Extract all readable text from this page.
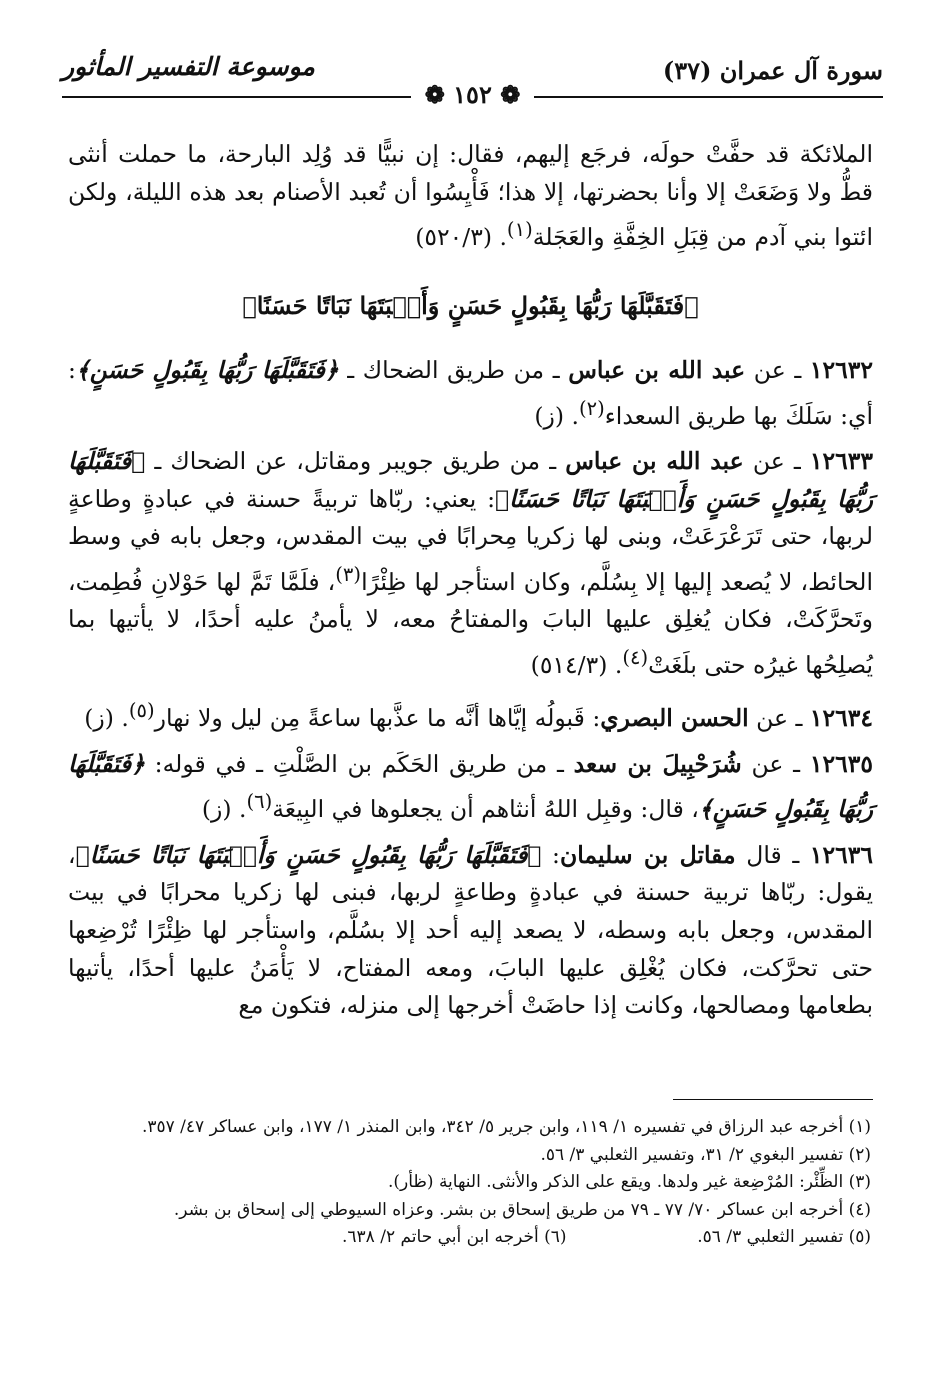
سورة آل عمران (٣٧)
موسوعة التفسير المأثور
❁ ١٥٢ ❁

الملائكة قد حفَّتْ حولَه، فرجَع إليهم، فقال: إن نبيًّا قد وُلِد البارحة، ما حملت أنثى قطُّ ولا وَضَعَتْ إلا وأنا بحضرتها، إلا هذا؛ فَأْيِسُوا أن تُعبد الأصنام بعد هذه الليلة، ولكن ائتوا بني آدم من قِبَلِ الخِفَّةِ والعَجَلة$^{(١)}$. (٥٢٠/٣)

﴿فَتَقَبَّلَهَا رَبُّهَا بِقَبُولٍ حَسَنٍ وَأَنۢبَتَهَا نَبَاتًا حَسَنًا﴾

١٢٦٣٢ ـ عن عبد الله بن عباس ـ من طريق الضحاك ـ ﴿فَتَقَبَّلَهَا رَبُّهَا بِقَبُولٍ حَسَنٍ﴾: أي: سَلَكَ بها طريق السعداء$^{(٢)}$. (ز)

١٢٦٣٣ ـ عن عبد الله بن عباس ـ من طريق جويبر ومقاتل، عن الضحاك ـ ﴿فَتَقَبَّلَهَا رَبُّهَا بِقَبُولٍ حَسَنٍ وَأَنۢبَتَهَا نَبَاتًا حَسَنًا﴾: يعني: ربّاها تربيةً حسنة في عبادةٍ وطاعةٍ لربها، حتى تَرَعْرَعَتْ، وبنى لها زكريا مِحرابًا في بيت المقدس، وجعل بابه في وسط الحائط، لا يُصعد إليها إلا بِسُلَّم، وكان استأجر لها ظِئْرًا$^{(٣)}$، فلَمَّا تَمَّ لها حَوْلانِ فُطِمت، وتَحرَّكَتْ، فكان يُغلِق عليها البابَ والمفتاحُ معه، لا يأمنُ عليه أحدًا، لا يأتيها بما يُصلِحُها غيرُه حتى بلَغَتْ$^{(٤)}$. (٥١٤/٣)

١٢٦٣٤ ـ عن الحسن البصري: قَبولُه إيَّاها أنَّه ما عذَّبها ساعةً مِن ليل ولا نهار$^{(٥)}$. (ز)

١٢٦٣٥ ـ عن شُرَحْبِيلَ بن سعد ـ من طريق الحَكَم بن الصَّلْتِ ـ في قوله: ﴿فَتَقَبَّلَهَا رَبُّهَا بِقَبُولٍ حَسَنٍ﴾، قال: وقبِل اللهُ أنثاهم أن يجعلوها في البِيعَة$^{(٦)}$. (ز)

١٢٦٣٦ ـ قال مقاتل بن سليمان: ﴿فَتَقَبَّلَهَا رَبُّهَا بِقَبُولٍ حَسَنٍ وَأَنۢبَتَهَا نَبَاتًا حَسَنًا﴾، يقول: ربّاها تربية حسنة في عبادةٍ وطاعةٍ لربها، فبنى لها زكريا محرابًا في بيت المقدس، وجعل بابه وسطه، لا يصعد إليه أحد إلا بسُلَّم، واستأجر لها ظِئْرًا تُرْضِعها حتى تحرَّكت، فكان يُغْلِق عليها البابَ، ومعه المفتاح، لا يَأْمَنُ عليها أحدًا، يأتيها بطعامها ومصالحها، وكانت إذا حاضَتْ أخرجها إلى منزله، فتكون مع

(١) أخرجه عبد الرزاق في تفسيره ١/ ١١٩، وابن جرير ٥/ ٣٤٢، وابن المنذر ١/ ١٧٧، وابن عساكر ٤٧/ ٣٥٧.

(٢) تفسير البغوي ٢/ ٣١، وتفسير الثعلبي ٣/ ٥٦.

(٣) الظِّئْر: المُرْضِعة غير ولدها. ويقع على الذكر والأنثى. النهاية (ظأر).

(٤) أخرجه ابن عساكر ٧٠/ ٧٧ ـ ٧٩ من طريق إسحاق بن بشر. وعزاه السيوطي إلى إسحاق بن بشر.

(٥) تفسير الثعلبي ٣/ ٥٦.
(٦) أخرجه ابن أبي حاتم ٢/ ٦٣٨.
